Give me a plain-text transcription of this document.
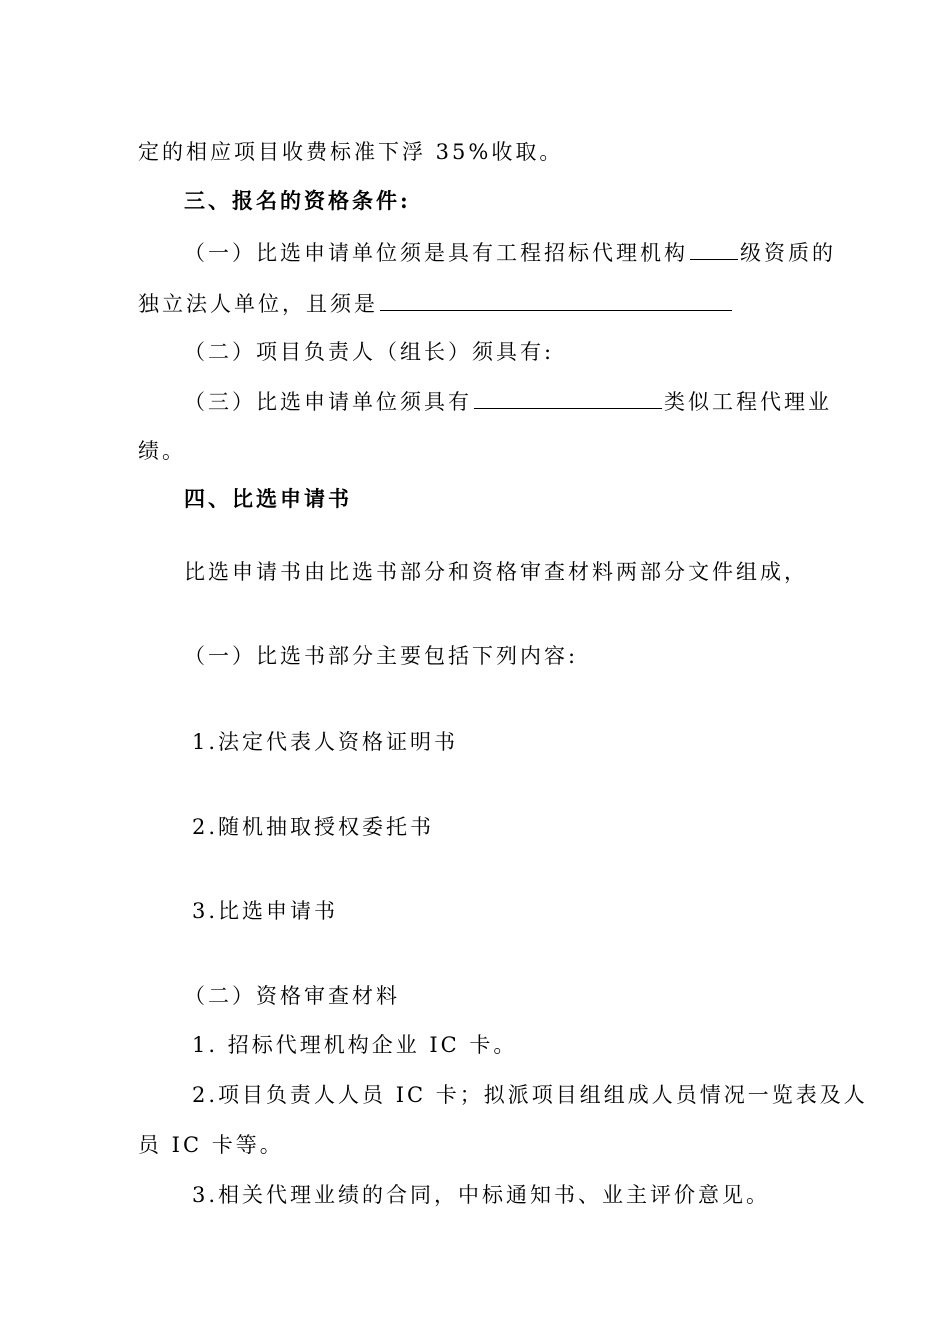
定的相应项目收费标准下浮 35%收取。
三、报名的资格条件:
（一）比选申请单位须是具有工程招标代理机构 级资质的
独立法人单位，且须是
（二）项目负责人（组长）须具有:
（三）比选申请单位须具有	类似工程代理业
绩。
四、比选申请书
比选申请书由比选书部分和资格审查材料两部分文件组成，
（一）比选书部分主要包括下列内容:
1.法定代表人资格证明书
2.随机抽取授权委托书
3.比选申请书
（二）资格审查材料
1. 招标代理机构企业 IC 卡。
2.项目负责人人员 IC 卡；拟派项目组组成人员情况一览表及人
员 IC 卡等。
3.相关代理业绩的合同，中标通知书、业主评价意见。
